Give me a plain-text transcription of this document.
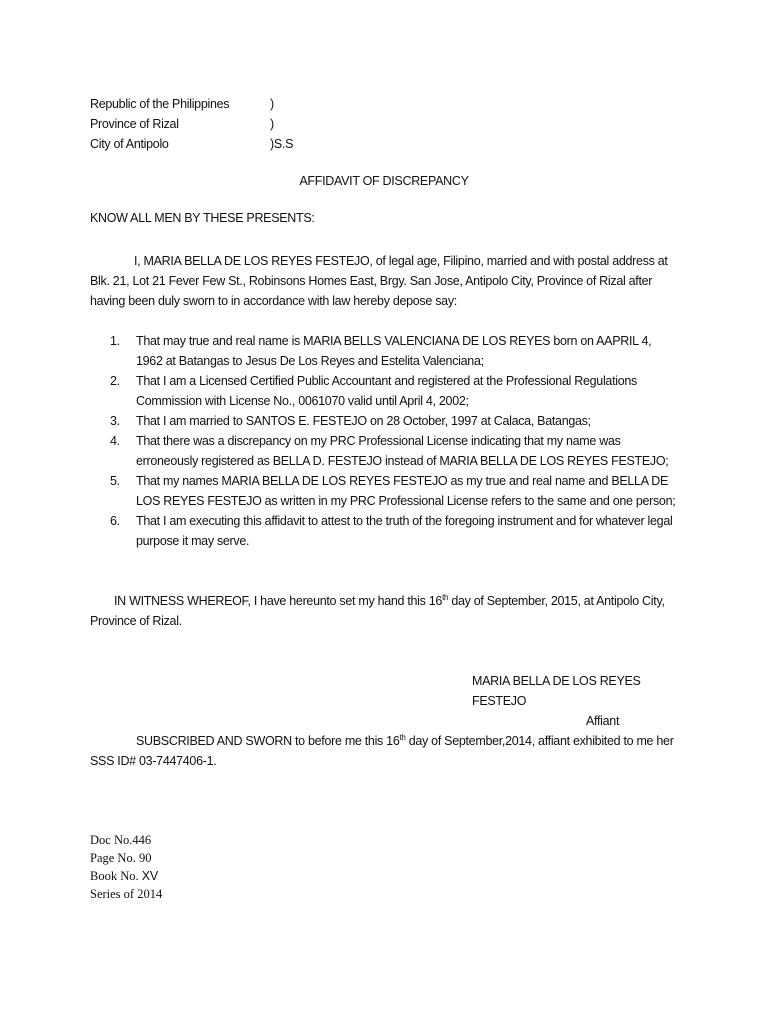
Republic of the Philippines	)
Province of Rizal	)
City of Antipolo	)S.S
AFFIDAVIT OF DISCREPANCY
KNOW ALL MEN BY THESE PRESENTS:

I, MARIA BELLA DE LOS REYES FESTEJO, of legal age, Filipino, married and with postal address at Blk. 21, Lot 21 Fever Few St., Robinsons Homes East, Brgy. San Jose, Antipolo City, Province of Rizal after having been duly sworn to in accordance with law hereby depose say:

1. That may true and real name is MARIA BELLS VALENCIANA DE LOS REYES born on AAPRIL 4, 1962 at Batangas to Jesus De Los Reyes and Estelita Valenciana;
2. That I am a Licensed Certified Public Accountant and registered at the Professional Regulations Commission with License No., 0061070 valid until April 4, 2002;
3. That I am married to SANTOS E. FESTEJO on 28 October, 1997 at Calaca, Batangas;
4. That there was a discrepancy on my PRC Professional License indicating that my name was erroneously registered as BELLA D. FESTEJO instead of MARIA BELLA DE LOS REYES FESTEJO;
5. That my names MARIA BELLA DE LOS REYES FESTEJO as my true and real name and BELLA DE LOS REYES FESTEJO as written in my PRC Professional License refers to the same and one person;
6. That I am executing this affidavit to attest to the truth of the foregoing instrument and for whatever legal purpose it may serve.

IN WITNESS WHEREOF, I have hereunto set my hand this 16th day of September, 2015, at Antipolo City, Province of Rizal.

MARIA BELLA DE LOS REYES FESTEJO
Affiant

SUBSCRIBED AND SWORN to before me this 16th day of September,2014, affiant exhibited to me her SSS ID# 03-7447406-1.

Doc No.446
Page No. 90
Book No. XV
Series of 2014
